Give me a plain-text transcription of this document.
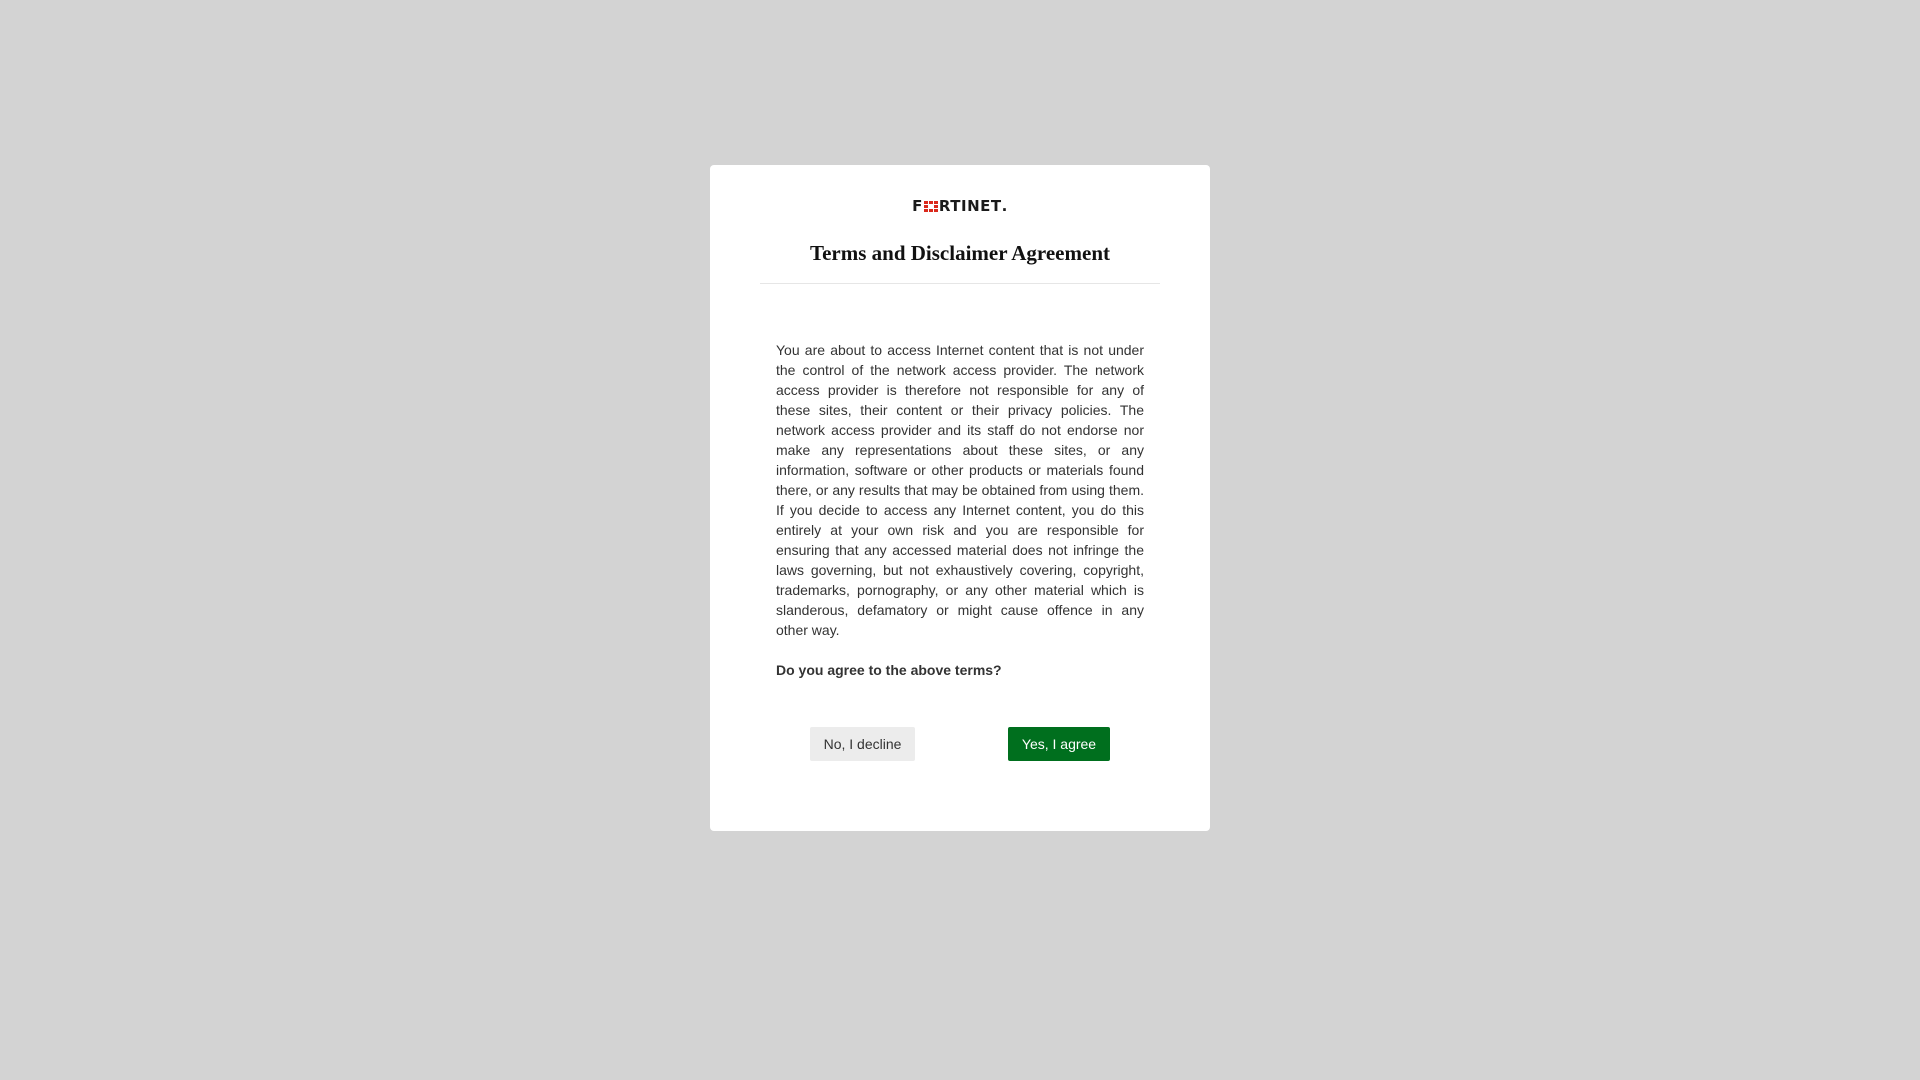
F RTINET .
Terms and Disclaimer Agreement

You are about to access Internet content that is not under the control of the network access provider. The network access provider is therefore not responsible for any of these sites, their content or their privacy policies. The network access provider and its staff do not endorse nor make any representations about these sites, or any information, software or other products or materials found there, or any results that may be obtained from using them. If you decide to access any Internet content, you do this entirely at your own risk and you are responsible for ensuring that any accessed material does not infringe the laws governing, but not exhaustively covering, copyright, trademarks, pornography, or any other material which is slanderous, defamatory or might cause offence in any other way.

Do you agree to the above terms?

No, I decline	Yes, I agree
